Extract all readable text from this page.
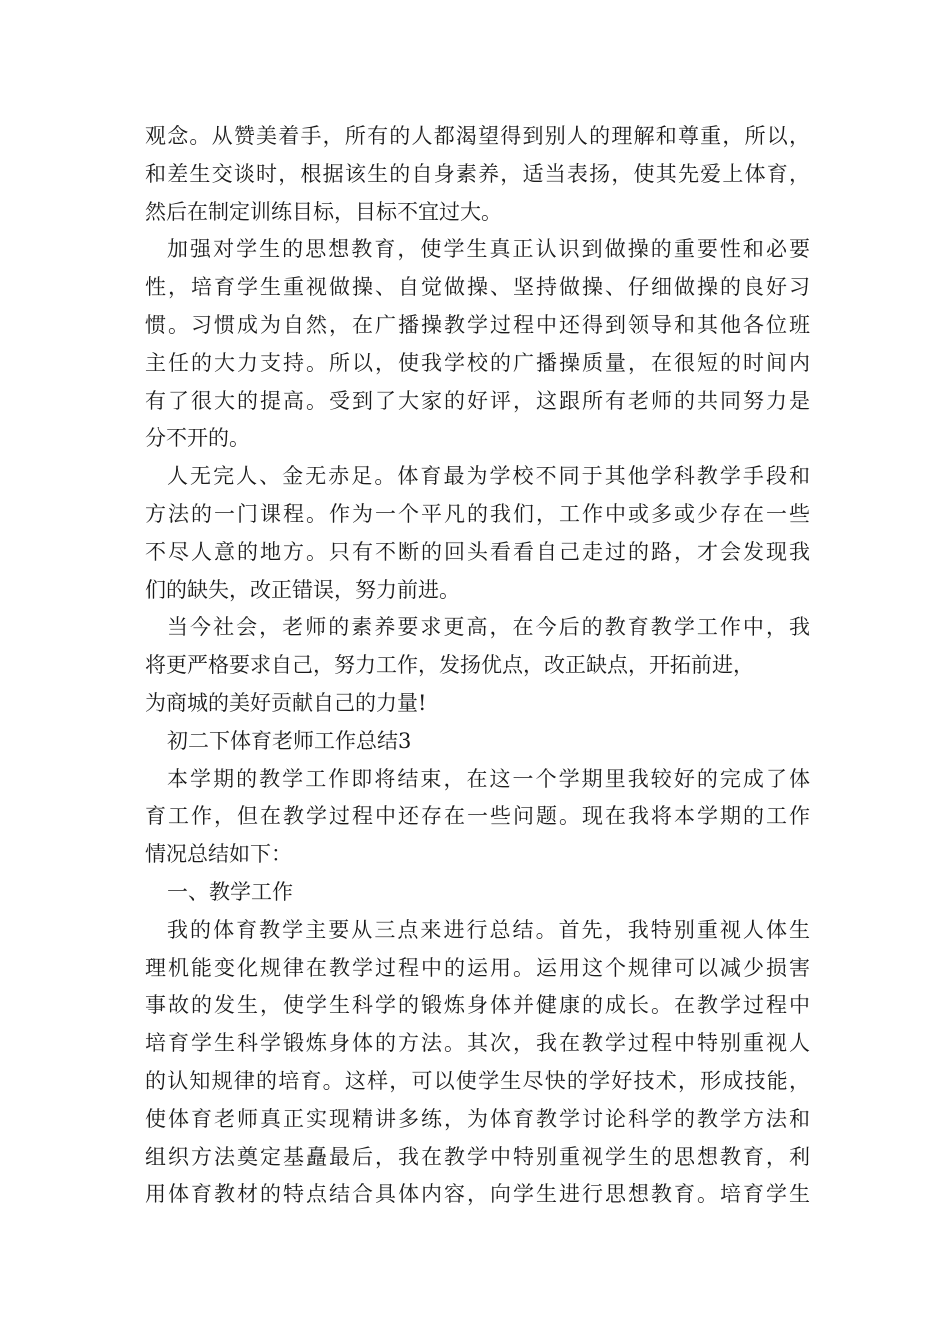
观念。从赞美着手，所有的人都渴望得到别人的理解和尊重，所以，
和差生交谈时，根据该生的自身素养，适当表扬，使其先爱上体育，
然后在制定训练目标，目标不宜过大。
加强对学生的思想教育，使学生真正认识到做操的重要性和必要
性，培育学生重视做操、自觉做操、坚持做操、仔细做操的良好习
惯。习惯成为自然，在广播操教学过程中还得到领导和其他各位班
主任的大力支持。所以，使我学校的广播操质量，在很短的时间内
有了很大的提高。受到了大家的好评，这跟所有老师的共同努力是
分不开的。
人无完人、金无赤足。体育最为学校不同于其他学科教学手段和
方法的一门课程。作为一个平凡的我们，工作中或多或少存在一些
不尽人意的地方。只有不断的回头看看自己走过的路，才会发现我
们的缺失，改正错误，努力前进。
当今社会，老师的素养要求更高，在今后的教育教学工作中，我
将更严格要求自己，努力工作，发扬优点，改正缺点，开拓前进，
为商城的美好贡献自己的力量!
初二下体育老师工作总结3
本学期的教学工作即将结束，在这一个学期里我较好的完成了体
育工作，但在教学过程中还存在一些问题。现在我将本学期的工作
情况总结如下：
一、教学工作
我的体育教学主要从三点来进行总结。首先，我特别重视人体生
理机能变化规律在教学过程中的运用。运用这个规律可以减少损害
事故的发生，使学生科学的锻炼身体并健康的成长。在教学过程中
培育学生科学锻炼身体的方法。其次，我在教学过程中特别重视人
的认知规律的培育。这样，可以使学生尽快的学好技术，形成技能，
使体育老师真正实现精讲多练，为体育教学讨论科学的教学方法和
组织方法奠定基矗最后，我在教学中特别重视学生的思想教育，利
用体育教材的特点结合具体内容，向学生进行思想教育。培育学生
